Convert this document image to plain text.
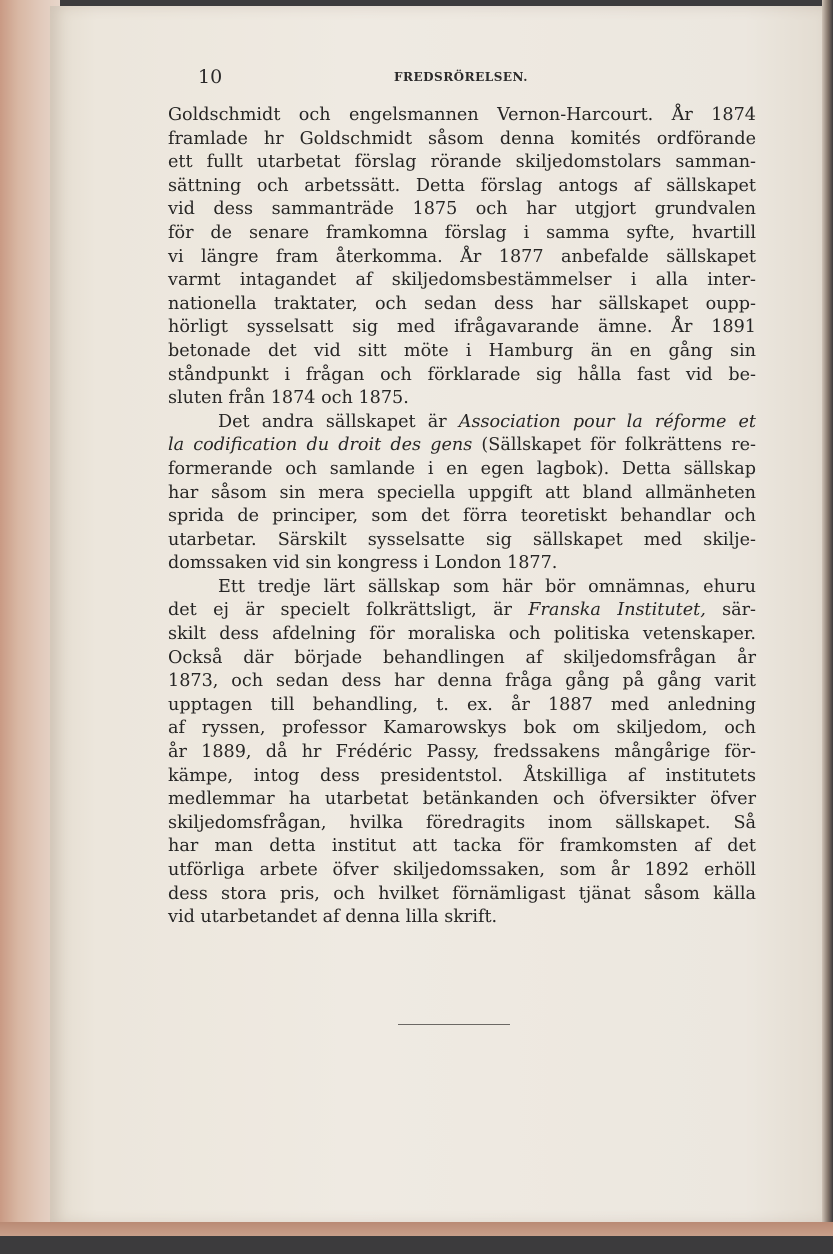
10	FREDSRÖRELSEN.
Goldschmidt och engelsmannen Vernon-Harcourt. År 1874
framlade hr Goldschmidt såsom denna komités ordförande
ett fullt utarbetat förslag rörande skiljedomstolars samman-
sättning och arbetssätt. Detta förslag antogs af sällskapet
vid dess sammanträde 1875 och har utgjort grundvalen
för de senare framkomna förslag i samma syfte, hvartill
vi längre fram återkomma. År 1877 anbefalde sällskapet
varmt intagandet af skiljedomsbestämmelser i alla inter-
nationella traktater, och sedan dess har sällskapet oupp-
hörligt sysselsatt sig med ifrågavarande ämne. År 1891
betonade det vid sitt möte i Hamburg än en gång sin
ståndpunkt i frågan och förklarade sig hålla fast vid be-
sluten från 1874 och 1875.
Det andra sällskapet är Association pour la réforme et
la codification du droit des gens (Sällskapet för folkrättens re-
formerande och samlande i en egen lagbok). Detta sällskap
har såsom sin mera speciella uppgift att bland allmänheten
sprida de principer, som det förra teoretiskt behandlar och
utarbetar. Särskilt sysselsatte sig sällskapet med skilje-
domssaken vid sin kongress i London 1877.
Ett tredje lärt sällskap som här bör omnämnas, ehuru
det ej är specielt folkrättsligt, är Franska Institutet, sär-
skilt dess afdelning för moraliska och politiska vetenskaper.
Också där började behandlingen af skiljedomsfrågan år
1873, och sedan dess har denna fråga gång på gång varit
upptagen till behandling, t. ex. år 1887 med anledning
af ryssen, professor Kamarowskys bok om skiljedom, och
år 1889, då hr Frédéric Passy, fredssakens mångårige för-
kämpe, intog dess presidentstol. Åtskilliga af institutets
medlemmar ha utarbetat betänkanden och öfversikter öfver
skiljedomsfrågan, hvilka föredragits inom sällskapet. Så
har man detta institut att tacka för framkomsten af det
utförliga arbete öfver skiljedomssaken, som år 1892 erhöll
dess stora pris, och hvilket förnämligast tjänat såsom källa
vid utarbetandet af denna lilla skrift.
